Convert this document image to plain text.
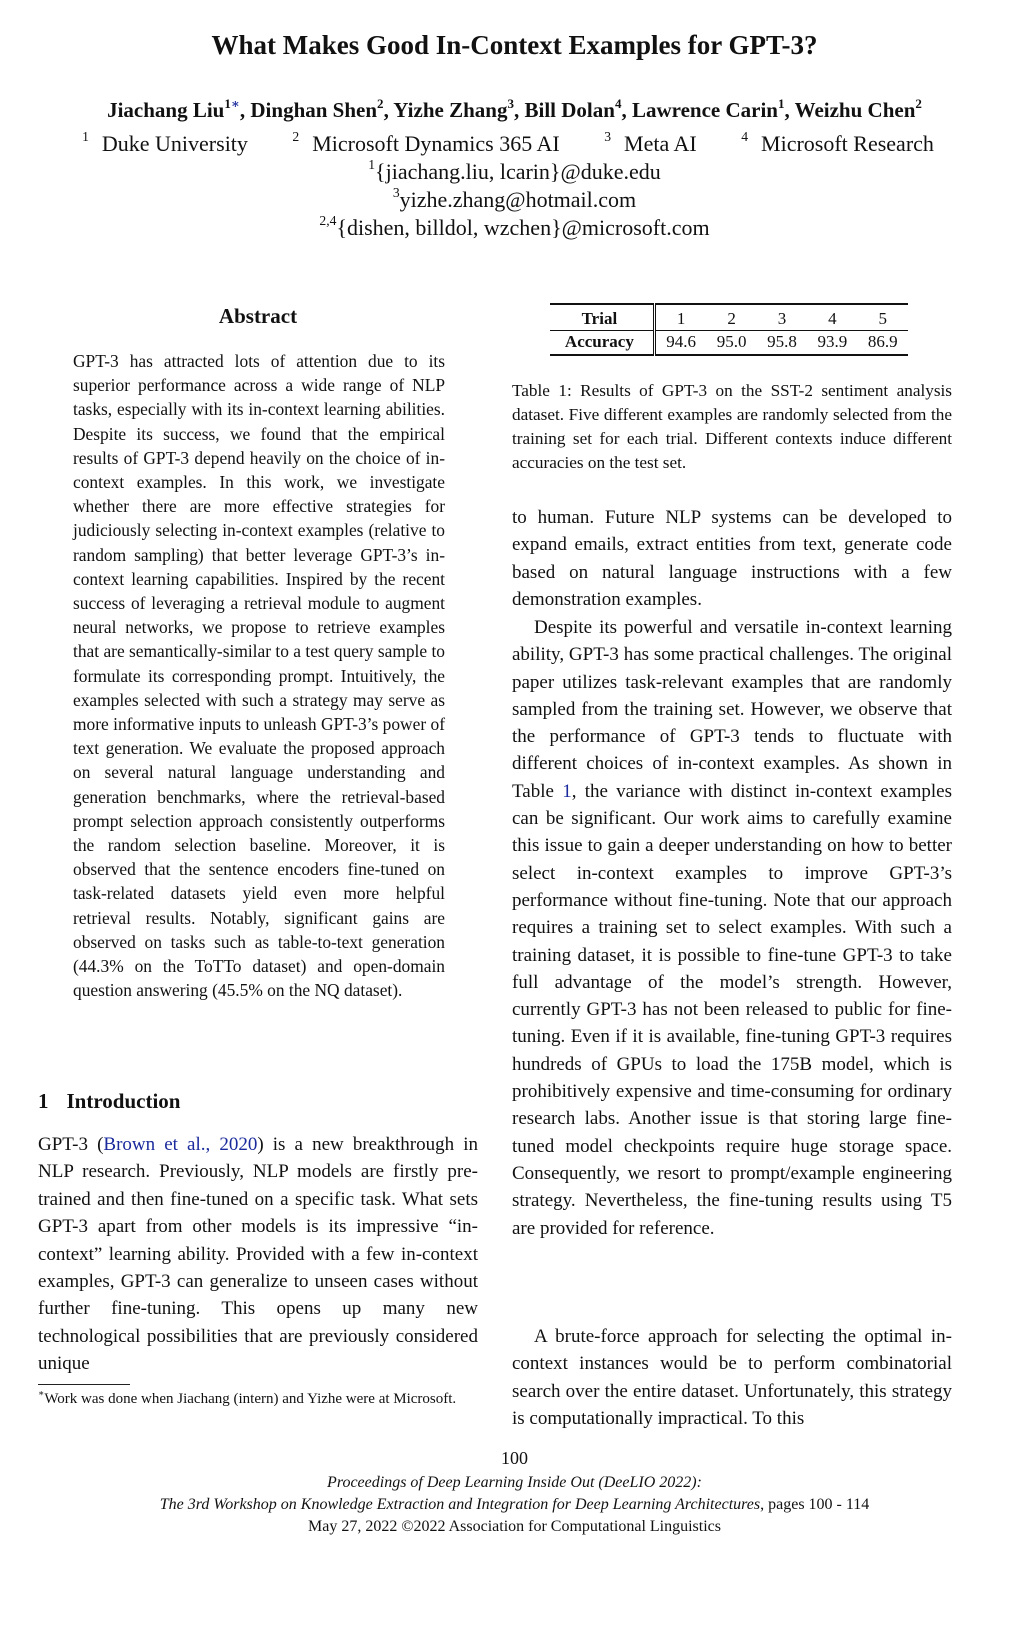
What Makes Good In-Context Examples for GPT-3?
Jiachang Liu$^{1∗}$, Dinghan Shen$^2$, Yizhe Zhang$^3$, Bill Dolan$^4$, Lawrence Carin$^1$, Weizhu Chen$^2$
$^1$ Duke University	$^2$ Microsoft Dynamics 365 AI	$^3$ Meta AI	$^4$ Microsoft Research
$^1${jiachang.liu, lcarin}@duke.edu
$^3$yizhe.zhang@hotmail.com
$^{2,4}${dishen, billdol, wzchen}@microsoft.com
Abstract

GPT-3 has attracted lots of attention due to its superior performance across a wide range of NLP tasks, especially with its in-context learning abilities. Despite its success, we found that the empirical results of GPT-3 depend heavily on the choice of in-context examples. In this work, we investigate whether there are more effective strategies for judiciously selecting in-context examples (relative to random sampling) that better leverage GPT-3’s in-context learning capabilities. Inspired by the recent success of leveraging a retrieval module to augment neural networks, we propose to retrieve examples that are semantically-similar to a test query sample to formulate its corresponding prompt. Intuitively, the examples selected with such a strategy may serve as more informative inputs to unleash GPT-3’s power of text generation. We evaluate the proposed approach on several natural language understanding and generation benchmarks, where the retrieval-based prompt selection approach consistently outperforms the random selection baseline. Moreover, it is observed that the sentence encoders fine-tuned on task-related datasets yield even more helpful retrieval results. Notably, significant gains are observed on tasks such as table-to-text generation (44.3% on the ToTTo dataset) and open-domain question answering (45.5% on the NQ dataset).

1 Introduction

GPT-3 (Brown et al., 2020) is a new breakthrough in NLP research. Previously, NLP models are firstly pre-trained and then fine-tuned on a specific task. What sets GPT-3 apart from other models is its impressive “in-context” learning ability. Provided with a few in-context examples, GPT-3 can generalize to unseen cases without further fine-tuning. This opens up many new technological possibilities that are previously considered unique

∗Work was done when Jiachang (intern) and Yizhe were at Microsoft.

Trial	1	2	3	4	5
Accuracy	94.6	95.0	95.8	93.9	86.9

Table 1: Results of GPT-3 on the SST-2 sentiment analysis dataset. Five different examples are randomly selected from the training set for each trial. Different contexts induce different accuracies on the test set.

to human. Future NLP systems can be developed to expand emails, extract entities from text, generate code based on natural language instructions with a few demonstration examples.

Despite its powerful and versatile in-context learning ability, GPT-3 has some practical challenges. The original paper utilizes task-relevant examples that are randomly sampled from the training set. However, we observe that the performance of GPT-3 tends to fluctuate with different choices of in-context examples. As shown in Table 1, the variance with distinct in-context examples can be significant. Our work aims to carefully examine this issue to gain a deeper understanding on how to better select in-context examples to improve GPT-3’s performance without fine-tuning. Note that our approach requires a training set to select examples. With such a training dataset, it is possible to fine-tune GPT-3 to take full advantage of the model’s strength. However, currently GPT-3 has not been released to public for fine-tuning. Even if it is available, fine-tuning GPT-3 requires hundreds of GPUs to load the 175B model, which is prohibitively expensive and time-consuming for ordinary research labs. Another issue is that storing large fine-tuned model checkpoints require huge storage space. Consequently, we resort to prompt/example engineering strategy. Nevertheless, the fine-tuning results using T5 are provided for reference.

A brute-force approach for selecting the optimal in-context instances would be to perform combinatorial search over the entire dataset. Unfortunately, this strategy is computationally impractical. To this

100
Proceedings of Deep Learning Inside Out (DeeLIO 2022):
The 3rd Workshop on Knowledge Extraction and Integration for Deep Learning Architectures, pages 100 - 114
May 27, 2022 ©2022 Association for Computational Linguistics
